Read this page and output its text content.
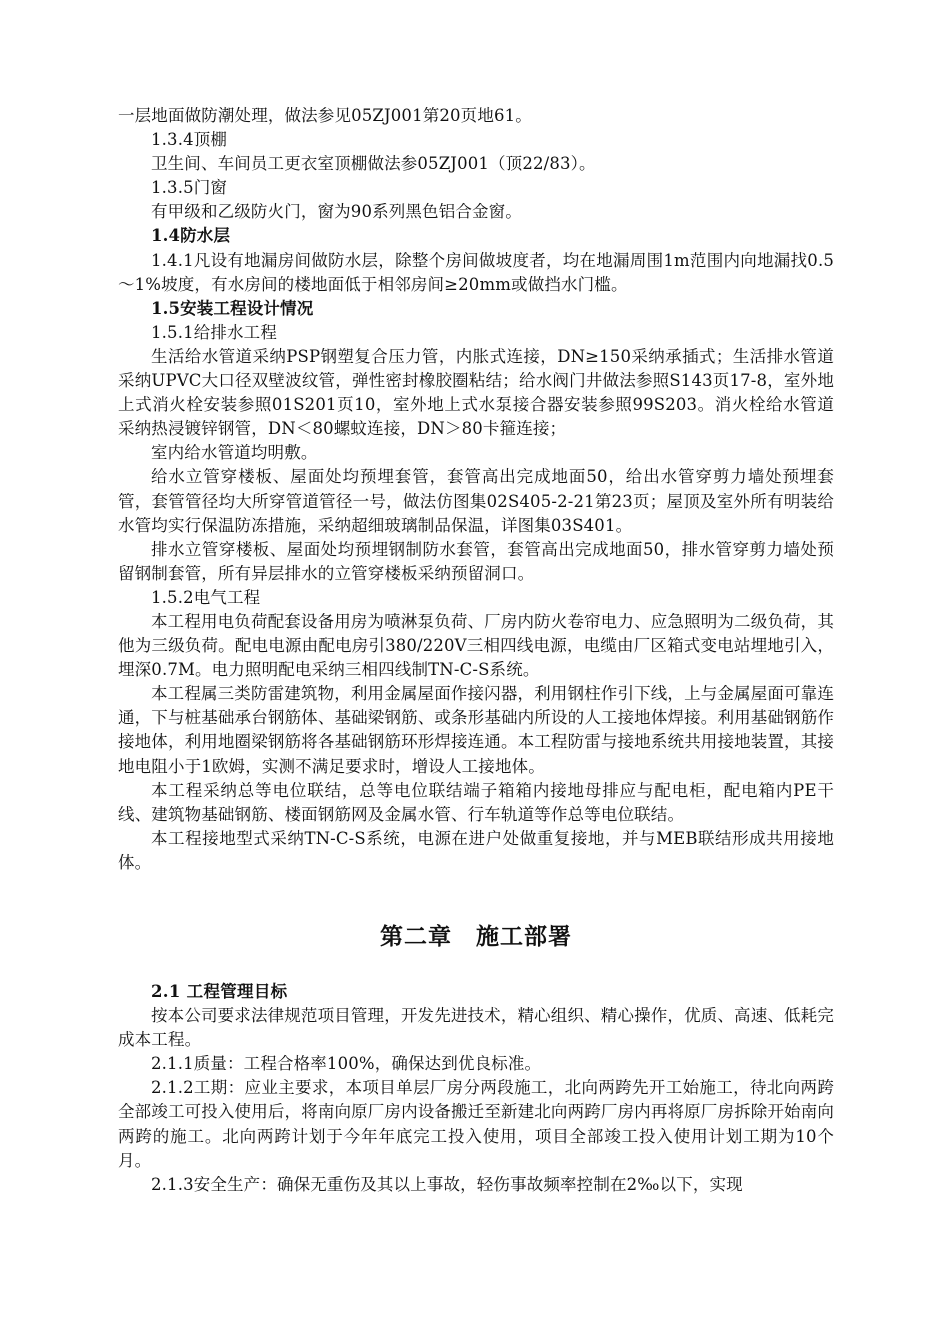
一层地面做防潮处理，做法参见05ZJ001第20页地61。
1.3.4顶棚
卫生间、车间员工更衣室顶棚做法参05ZJ001（顶22/83）。
1.3.5门窗
有甲级和乙级防火门，窗为90系列黑色铝合金窗。
1.4防水层

1.4.1凡设有地漏房间做防水层，除整个房间做坡度者，均在地漏周围1m范围内向地漏找0.5～1%坡度，有水房间的楼地面低于相邻房间≥20mm或做挡水门槛。

1.5安装工程设计情况
1.5.1给排水工程

生活给水管道采纳PSP钢塑复合压力管，内胀式连接，DN≥150采纳承插式；生活排水管道采纳UPVC大口径双壁波纹管，弹性密封橡胶圈粘结；给水阀门井做法参照S143页17-8，室外地上式消火栓安装参照01S201页10，室外地上式水泵接合器安装参照99S203。消火栓给水管道采纳热浸镀锌钢管，DN＜80螺蚊连接，DN＞80卡箍连接；

室内给水管道均明敷。

给水立管穿楼板、屋面处均预埋套管，套管高出完成地面50，给出水管穿剪力墙处预埋套管，套管管径均大所穿管道管径一号，做法仿图集02S405-2-21第23页；屋顶及室外所有明装给水管均实行保温防冻措施，采纳超细玻璃制品保温，详图集03S401。

排水立管穿楼板、屋面处均预埋钢制防水套管，套管高出完成地面50，排水管穿剪力墙处预留钢制套管，所有异层排水的立管穿楼板采纳预留洞口。

1.5.2电气工程

本工程用电负荷配套设备用房为喷淋泵负荷、厂房内防火卷帘电力、应急照明为二级负荷，其他为三级负荷。配电电源由配电房引380/220V三相四线电源，电缆由厂区箱式变电站埋地引入，埋深0.7M。电力照明配电采纳三相四线制TN-C-S系统。

本工程属三类防雷建筑物，利用金属屋面作接闪器，利用钢柱作引下线，上与金属屋面可靠连通，下与桩基础承台钢筋体、基础梁钢筋、或条形基础内所设的人工接地体焊接。利用基础钢筋作接地体，利用地圈梁钢筋将各基础钢筋环形焊接连通。本工程防雷与接地系统共用接地装置，其接地电阻小于1欧姆，实测不满足要求时，增设人工接地体。

本工程采纳总等电位联结，总等电位联结端子箱箱内接地母排应与配电柜，配电箱内PE干线、建筑物基础钢筋、楼面钢筋网及金属水管、行车轨道等作总等电位联结。

本工程接地型式采纳TN-C-S系统，电源在进户处做重复接地，并与MEB联结形成共用接地体。

第二章　施工部署
2.1 工程管理目标

按本公司要求法律规范项目管理，开发先进技术，精心组织、精心操作，优质、高速、低耗完成本工程。

2.1.1质量：工程合格率100%，确保达到优良标准。

2.1.2工期：应业主要求，本项目单层厂房分两段施工，北向两跨先开工始施工，待北向两跨全部竣工可投入使用后，将南向原厂房内设备搬迁至新建北向两跨厂房内再将原厂房拆除开始南向两跨的施工。北向两跨计划于今年年底完工投入使用，项目全部竣工投入使用计划工期为10个月。

2.1.3安全生产：确保无重伤及其以上事故，轻伤事故频率控制在2‰以下，实现
